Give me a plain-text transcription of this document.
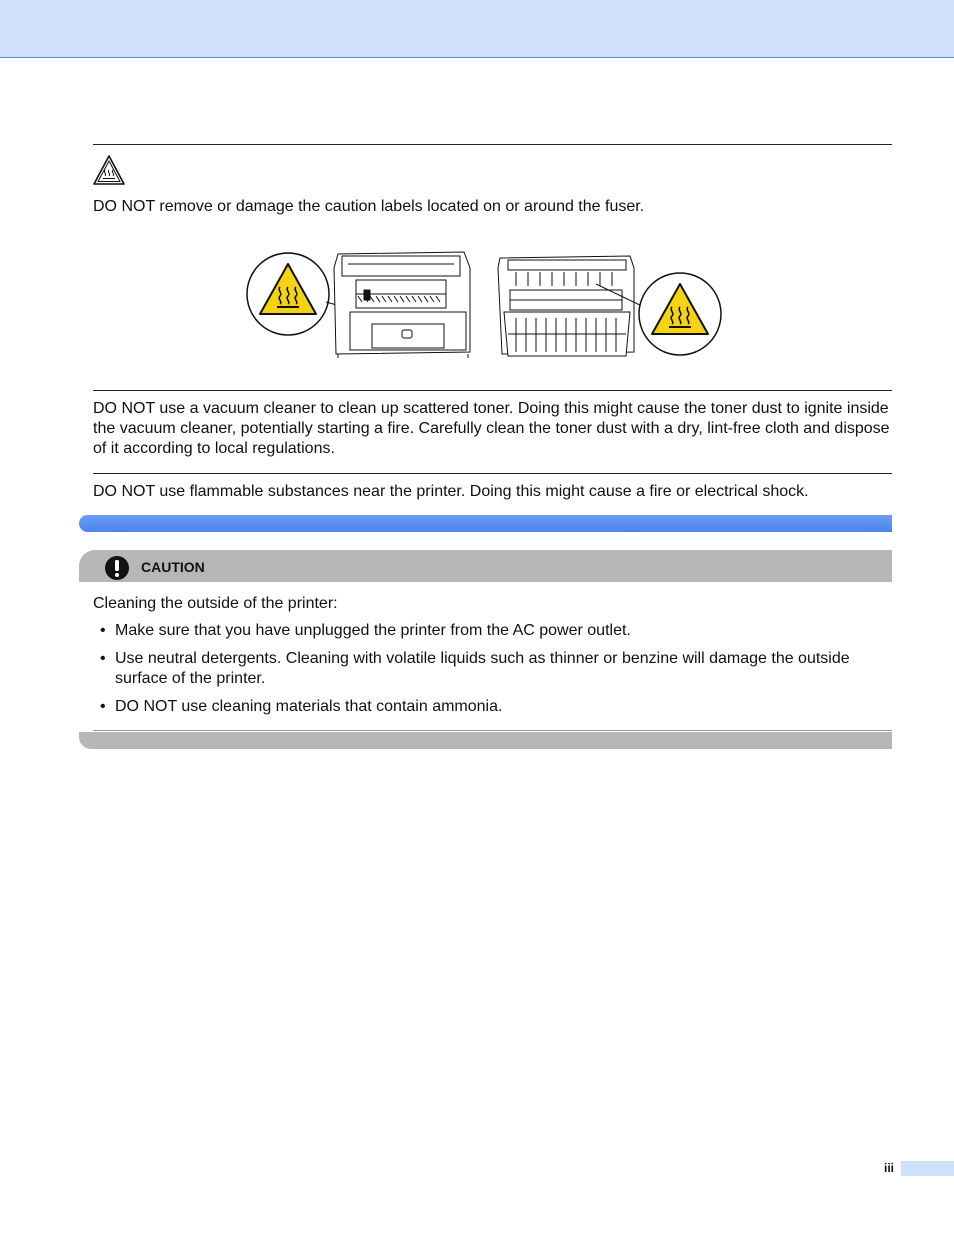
DO NOT remove or damage the caution labels located on or around the fuser.

DO NOT use a vacuum cleaner to clean up scattered toner. Doing this might cause the toner dust to ignite inside the vacuum cleaner, potentially starting a fire. Carefully clean the toner dust with a dry, lint-free cloth and dispose of it according to local regulations.

DO NOT use flammable substances near the printer. Doing this might cause a fire or electrical shock.

CAUTION

Cleaning the outside of the printer:

• Make sure that you have unplugged the printer from the AC power outlet.
• Use neutral detergents. Cleaning with volatile liquids such as thinner or benzine will damage the outside surface of the printer.
• DO NOT use cleaning materials that contain ammonia.
iii
